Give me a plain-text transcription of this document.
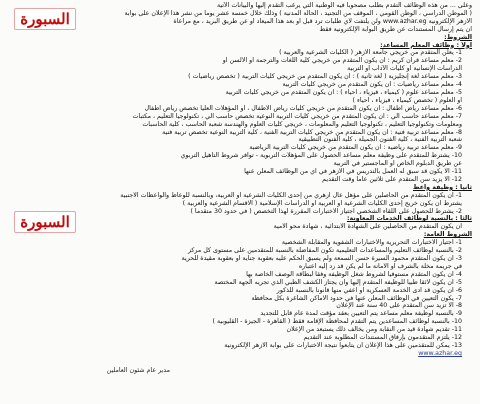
السبورة
السبورة
وعلى ... من هذه الوظائف التقدم بطلب مصحوباً فيه الوطنية التي يرغب التقدم إليها والبيانات الآتية
( الموطن الدراسي ، الوطن القومي ، الموقف من التجنيد ، الحالة المدنية ) وذلك خلال خمسة عشر يوماً من نشر هذا الإعلان على بوابة
الأزهر الإلكترونية www.azhar.eg ولن يلتفت لأي طلبات ترد قبل أو بعد هذا الميعاد أو عن طريق البريد ، مع مراعاة
أن يتم إرسال المستندات عن طريق البوابة الإلكترونية فقط
الشروط:
أولاً : وظائف المعلم المساعد:
1- يعلن المتقدم من خريجي جامعة الأزهر ( الكليات الشرعية والعربية )
2- معلم مساعد قرآن كريم : أن يكون المتقدم من خريجي كلية اللغات والترجمة أو الألسن أو
الدراسات الإنسانية أو كليات الآداب أو التربية
3- معلم مساعد لغة إنجليزية ( لغة ثانية ) : أن يكون المتقدم من خريجي كليات التربية ( تخصص رياضيات )
4- معلم مساعد رياضيات : أن يكون المتقدم من خريجي كليات التربية
5- معلم مساعد علوم ( كيمياء ، فيزياء ، أحياء ) : أن يكون المتقدم من خريجي كليات التربية
أو العلوم ( تخصص كيمياء ، فيزياء ، أحياء )
6- معلم مساعد رياض أطفال : أن يكون المتقدم من خريجي كليات رياض الأطفال ، أو المؤهلات العليا تخصص رياض أطفال
7- معلم مساعد حاسب آلي : أن يكون المتقدم من خريجي كليات التربية النوعية تخصص حاسب آلي ، تكنولوجيا التعليم ، مكتبات
ومعلومات وتكنولوجيا التعليم ، تكنولوجيا التعليم والمعلومات ، خريجي كليات العلوم والهندسة شعبة الحاسب ، كلية الحاسبات
8- معلم مساعد تربية فنية : أن يكون المتقدم من خريجي كليات التربية الفنية ، كلية التربية النوعية تخصص تربية فنية
شعبة التربية الفنية ، كلية الفنون الجميلة ، كلية الفنون التطبيقية
9- معلم مساعد تربية رياضية : أن يكون المتقدم من خريجي كليات التربية الرياضية
10- يشترط للمتقدم على وظيفة معلم مساعد الحصول على المؤهلات التربوية - توافر شروط التأهيل التربوي
عن طريق الدبلوم الخاص أو الماجستير في التربية
11- ألا يكون قد سبق له العمل بالتدريس في الأزهر في أي من الوظائف المعلن عنها
12- ألا يزيد سن المتقدم على ثلاثين عاماً وقت التقديم
ثانياً : وظيفة واعظ
1- أن يكون المتقدم من الحاصلين على مؤهل عال أزهري من إحدى الكليات الشرعية أو العربية، وبالنسبة للوعاظ والواعظات الأجنبية
يشترط أن يكون خريج إحدى الكليات الشرعية أو العربية أو الدراسات الإسلامية ( الأقسام الشرعية والعربية )
2- يشترط للحصول على اللقاء الشخصي اجتياز الاختبارات المقررة لهذا التخصص ( في حدود 30 متقدماً )
ثالثاً : بالنسبة لوظائف الخدمات المعاونة:
أن يكون المتقدم من الحاصلين على الشهادة الابتدائية ، شهادة محو الأمية
الشروط العامة:
1- اجتياز الاختبارات التحريرية والاختبارات الشفوية والمقابلة الشخصية
2- بالنسبة لوظائف التعليم والمساعدات التعليمية تكون المفاضلة بالنسبة للمتقدمين على مستوى كل مركز
3- أن يكون المتقدم محمود السيرة حسن السمعة ولم يسبق الحكم عليه بعقوبة جناية أو بعقوبة مقيدة للحرية
في جريمة مخلة بالشرف أو الأمانة ما لم يكن قد رد إليه اعتباره
4- أن يكون المتقدم مستوفياً لشروط شغل الوظيفة وفقاً لبطاقة الوصف الخاصة بها
5- أن يكون لائقاً طبياً للوظيفة المتقدم إليها وأن يجتاز الكشف الطبي الذي تجريه الجهة المختصة
6- أن يكون قد أدى الخدمة العسكرية أو أعفي منها قانوناً بالنسبة للذكور
7- يكون التعيين في الوظائف المعلن عنها في حدود الأماكن الشاغرة بكل محافظة
8- ألا تزيد سن المتقدم على 40 سنة عند الإعلان
9- بالنسبة لوظيفة معلم مساعد يتم التعيين بعقد مؤقت لمدة عام قابل للتجديد
10- بالنسبة لوظائف المساعدين يتم التقدم لمحافظة الإقامة فقط ( القاهرة - الجيزة - القليوبية )
11- تقديم شهادة قيد من النقابة ومن يخالف ذلك يستبعد من الإعلان
12- يلتزم المتقدمون بإرفاق المستندات المطلوبة عند التقديم
13- يمكن للمتقدمين على هذا الإعلان أن يتابعوا نتيجة الاختبارات على بوابة الأزهر الإلكترونية
www.azhar.eg
مدير عام شئون العاملين
